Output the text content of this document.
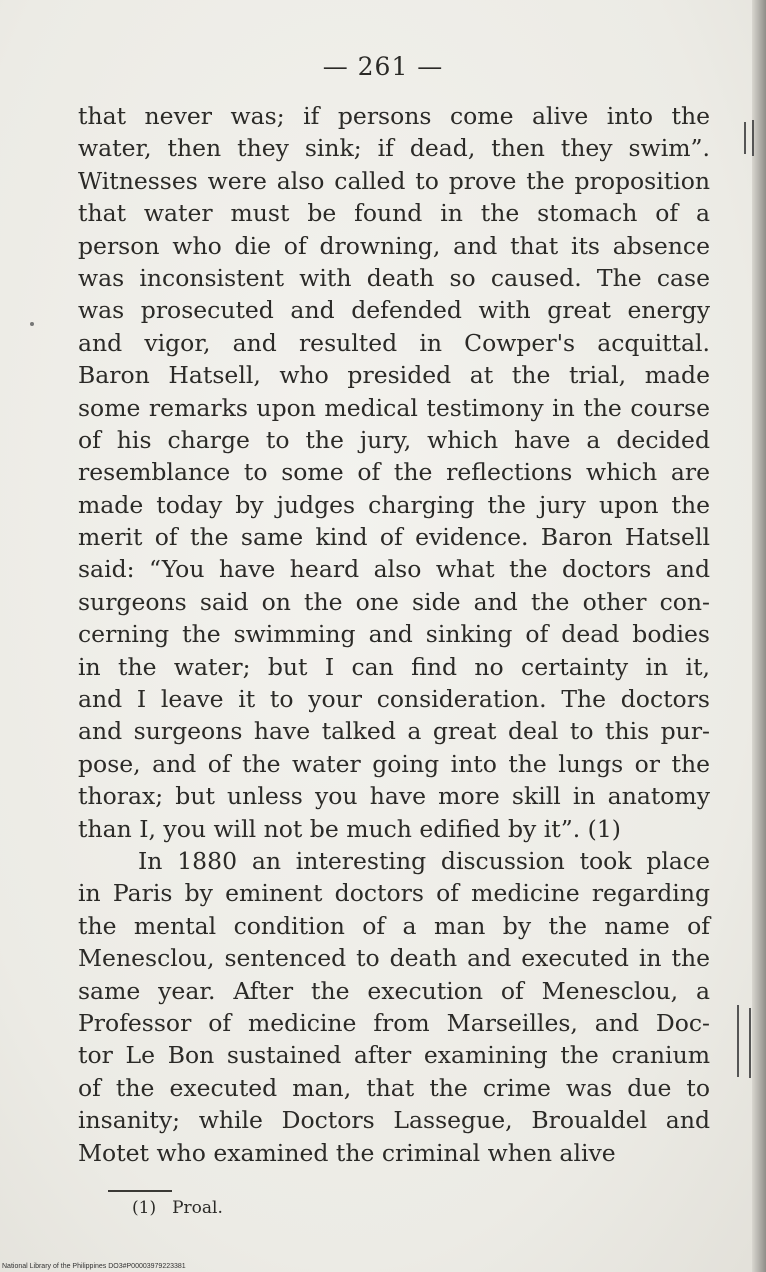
— 261 —
that never was; if persons come alive into the
water, then they sink; if dead, then they swim”.
Witnesses were also called to prove the proposition
that water must be found in the stomach of a
person who die of drowning, and that its absence
was inconsistent with death so caused. The case
was prosecuted and defended with great energy
and vigor, and resulted in Cowper's acquittal.
Baron Hatsell, who presided at the trial, made
some remarks upon medical testimony in the course
of his charge to the jury, which have a decided
resemblance to some of the reflections which are
made today by judges charging the jury upon the
merit of the same kind of evidence. Baron Hatsell
said: “You have heard also what the doctors and
surgeons said on the one side and the other con-
cerning the swimming and sinking of dead bodies
in the water; but I can find no certainty in it,
and I leave it to your consideration. The doctors
and surgeons have talked a great deal to this pur-
pose, and of the water going into the lungs or the
thorax; but unless you have more skill in anatomy
than I, you will not be much edified by it”. (1)
In 1880 an interesting discussion took place
in Paris by eminent doctors of medicine regarding
the mental condition of a man by the name of
Menesclou, sentenced to death and executed in the
same year. After the execution of Menesclou, a
Professor of medicine from Marseilles, and Doc-
tor Le Bon sustained after examining the cranium
of the executed man, that the crime was due to
insanity; while Doctors Lassegue, Broualdel and
Motet who examined the criminal when alive
(1) Proal.
National Library of the Philippines DO3#P00003979223381
